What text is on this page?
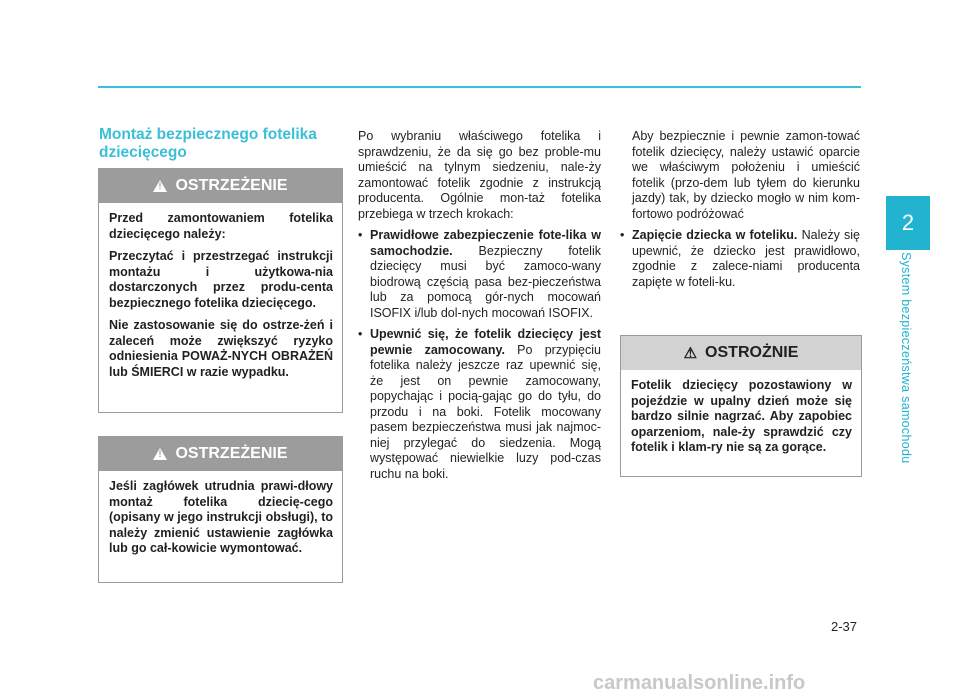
2
System bezpieczeństwa samochodu
Montaż bezpiecznego fotelika dziecięcego
!
OSTRZEŻENIE

Przed zamontowaniem fotelika dziecięcego należy:

Przeczytać i przestrzegać instrukcji montażu i użytkowa-nia dostarczonych przez produ-centa bezpiecznego fotelika dziecięcego.

Nie zastosowanie się do ostrze-żeń i zaleceń może zwiększyć ryzyko odniesienia POWAŻ-NYCH OBRAŻEŃ lub ŚMIERCI w razie wypadku.

!
OSTRZEŻENIE

Jeśli zagłówek utrudnia prawi-dłowy montaż fotelika dziecię-cego (opisany w jego instrukcji obsługi), to należy zmienić ustawienie zagłówka lub go cał-kowicie wymontować.

Po wybraniu właściwego fotelika i sprawdzeniu, że da się go bez proble-mu umieścić na tylnym siedzeniu, nale-ży zamontować fotelik zgodnie z instrukcją producenta. Ogólnie mon-taż fotelika przebiega w trzech krokach:

• Prawidłowe zabezpieczenie fote-lika w samochodzie. Bezpieczny fotelik dziecięcy musi być zamoco-wany biodrową częścią pasa bez-pieczeństwa lub za pomocą gór-nych mocowań ISOFIX i/lub dol-nych mocowań ISOFIX.
• Upewnić się, że fotelik dziecięcy jest pewnie zamocowany. Po przypięciu fotelika należy jeszcze raz upewnić się, że jest on pewnie zamocowany, popychając i pocią-gając go do tyłu, do przodu i na boki. Fotelik mocowany pasem bezpieczeństwa musi jak najmoc-niej przylegać do siedzenia. Mogą występować niewielkie luzy pod-czas ruchu na boki.

Aby bezpiecznie i pewnie zamon-tować fotelik dziecięcy, należy ustawić oparcie we właściwym położeniu i umieścić fotelik (przo-dem lub tyłem do kierunku jazdy) tak, by dziecko mogło w nim kom-fortowo podróżować

• Zapięcie dziecka w foteliku. Należy się upewnić, że dziecko jest prawidłowo, zgodnie z zalece-niami producenta zapięte w foteli-ku.
⚠ OSTROŻNIE

Fotelik dziecięcy pozostawiony w pojeździe w upalny dzień może się bardzo silnie nagrzać. Aby zapobiec oparzeniom, nale-ży sprawdzić czy fotelik i klam-ry nie są za gorące.

2-37
carmanualsonline.info
